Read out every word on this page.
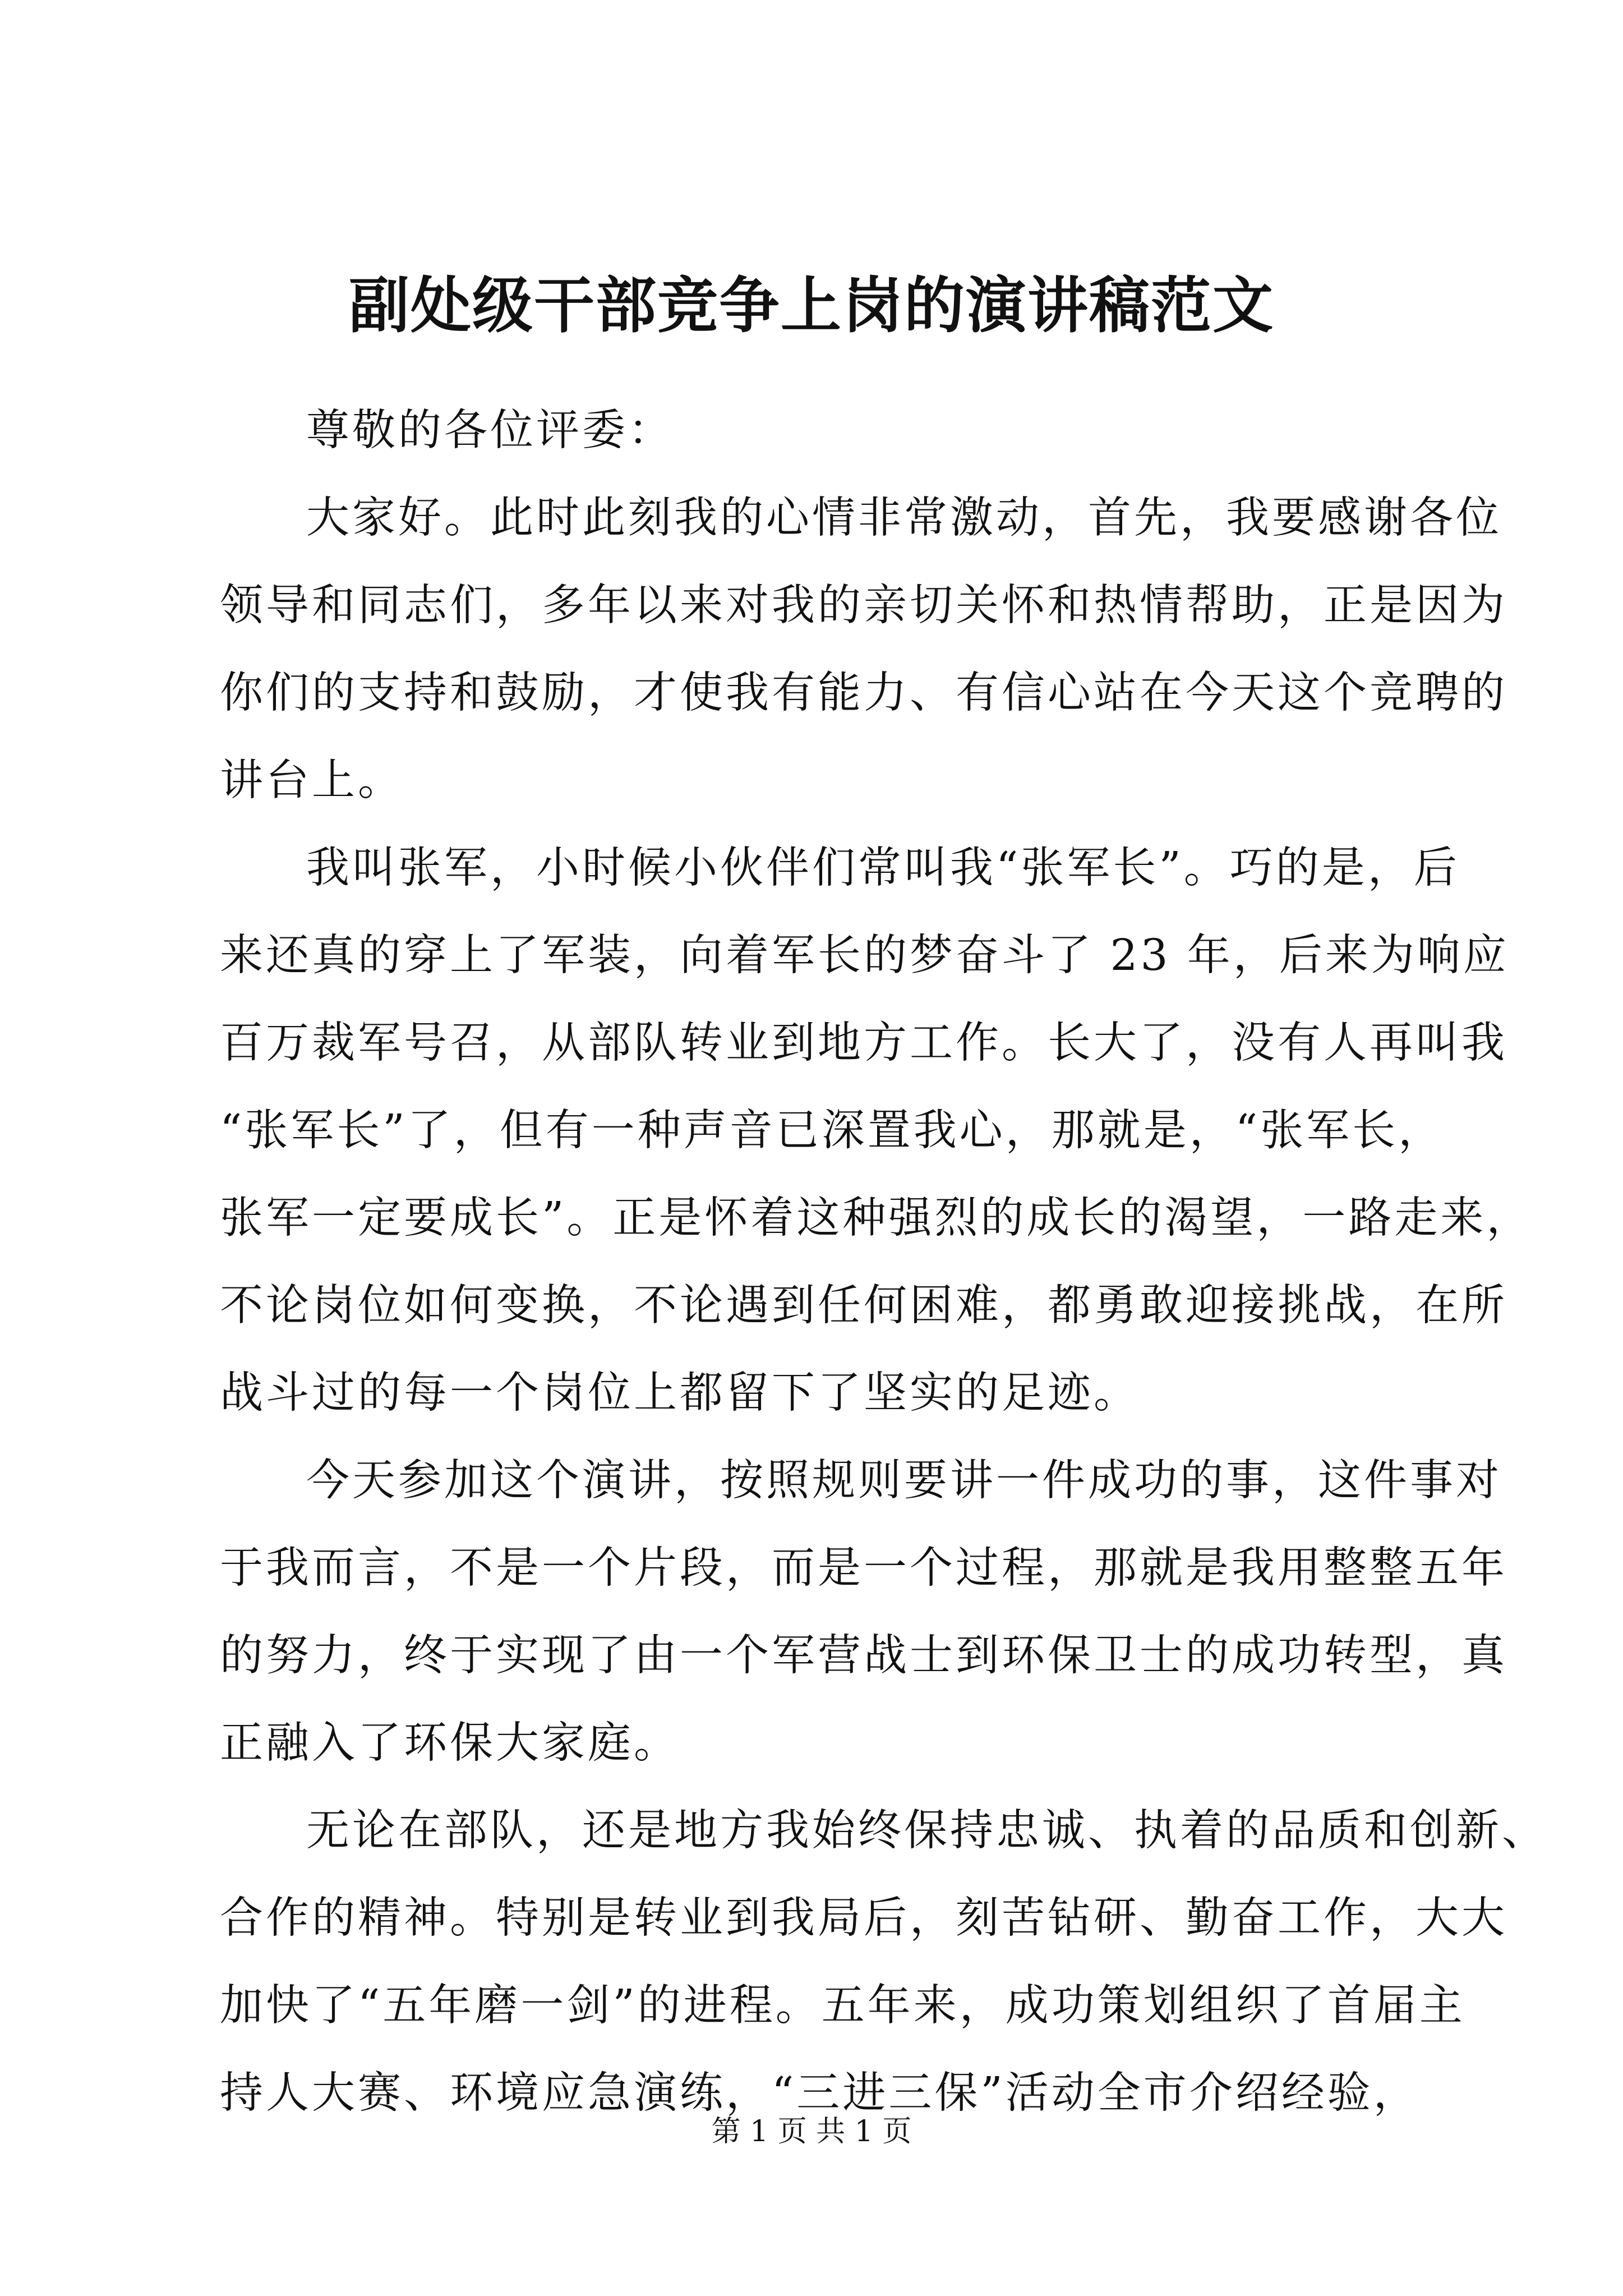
副处级干部竞争上岗的演讲稿范文
尊敬的各位评委：
大家好。此时此刻我的心情非常激动，首先，我要感谢各位
领导和同志们，多年以来对我的亲切关怀和热情帮助，正是因为
你们的支持和鼓励，才使我有能力、有信心站在今天这个竞聘的
讲台上。
我叫张军，小时候小伙伴们常叫我“张军长”。巧的是，后
来还真的穿上了军装，向着军长的梦奋斗了 23 年，后来为响应
百万裁军号召，从部队转业到地方工作。长大了，没有人再叫我
“张军长”了，但有一种声音已深置我心，那就是，“张军长，
张军一定要成长”。正是怀着这种强烈的成长的渴望，一路走来，
不论岗位如何变换，不论遇到任何困难，都勇敢迎接挑战，在所
战斗过的每一个岗位上都留下了坚实的足迹。
今天参加这个演讲，按照规则要讲一件成功的事，这件事对
于我而言，不是一个片段，而是一个过程，那就是我用整整五年
的努力，终于实现了由一个军营战士到环保卫士的成功转型，真
正融入了环保大家庭。
无论在部队，还是地方我始终保持忠诚、执着的品质和创新、
合作的精神。特别是转业到我局后，刻苦钻研、勤奋工作，大大
加快了“五年磨一剑”的进程。五年来，成功策划组织了首届主
持人大赛、环境应急演练，“三进三保”活动全市介绍经验，
第 1 页 共 1 页
